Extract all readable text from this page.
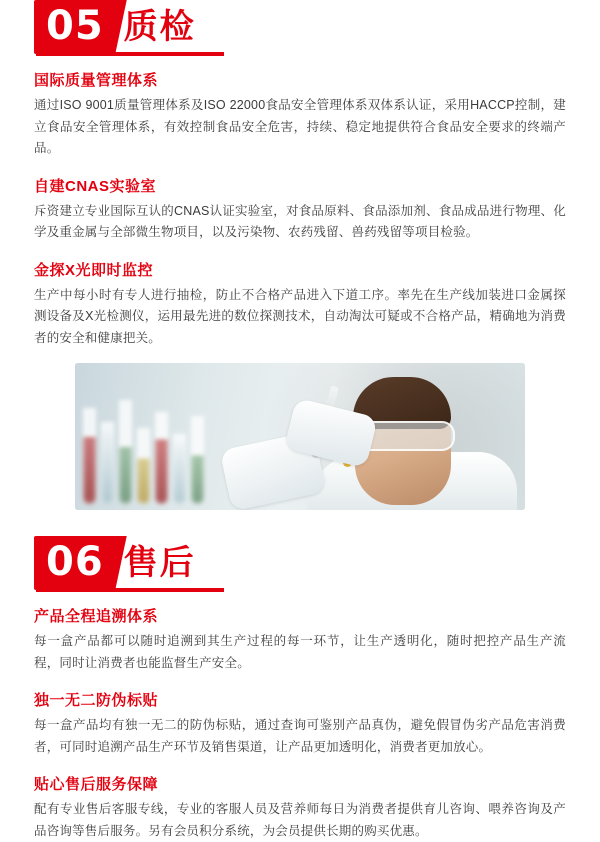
05 质检
国际质量管理体系
通过ISO 9001质量管理体系及ISO 22000食品安全管理体系双体系认证，采用HACCP控制，建立食品安全管理体系，有效控制食品安全危害，持续、稳定地提供符合食品安全要求的终端产品。
自建CNAS实验室
斥资建立专业国际互认的CNAS认证实验室，对食品原料、食品添加剂、食品成品进行物理、化学及重金属与全部微生物项目，以及污染物、农药残留、兽药残留等项目检验。
金探X光即时监控
生产中每小时有专人进行抽检，防止不合格产品进入下道工序。率先在生产线加装进口金属探测设备及X光检测仪，运用最先进的数位探测技术，自动淘汰可疑或不合格产品，精确地为消费者的安全和健康把关。
06 售后
产品全程追溯体系
每一盒产品都可以随时追溯到其生产过程的每一环节，让生产透明化，随时把控产品生产流程，同时让消费者也能监督生产安全。
独一无二防伪标贴
每一盒产品均有独一无二的防伪标贴，通过查询可鉴别产品真伪，避免假冒伪劣产品危害消费者，可同时追溯产品生产环节及销售渠道，让产品更加透明化，消费者更加放心。
贴心售后服务保障
配有专业售后客服专线，专业的客服人员及营养师每日为消费者提供育儿咨询、喂养咨询及产品咨询等售后服务。另有会员积分系统，为会员提供长期的购买优惠。
